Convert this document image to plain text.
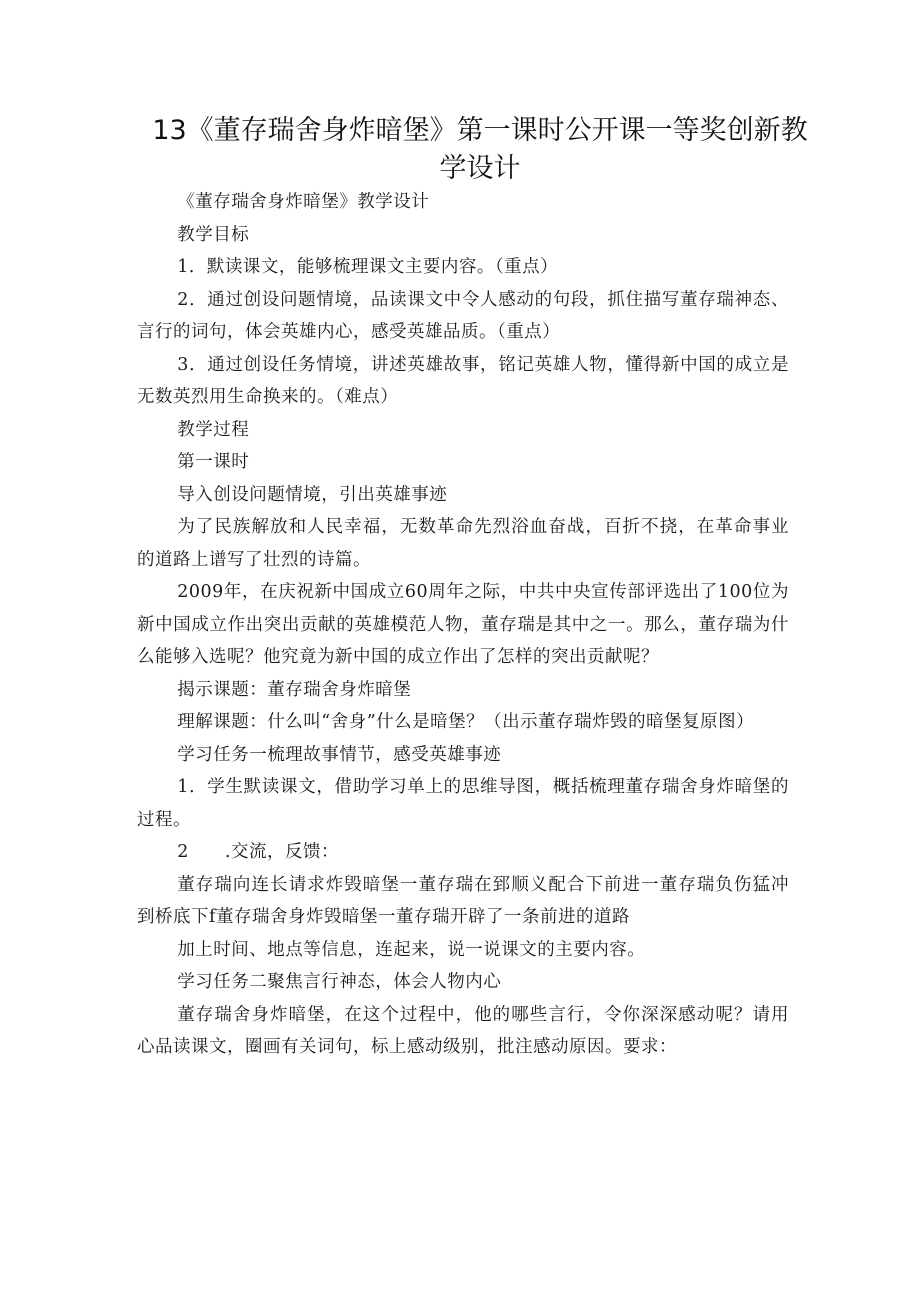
13《董存瑞舍身炸暗堡》第一课时公开课一等奖创新教学设计

《董存瑞舍身炸暗堡》教学设计

教学目标

1．默读课文，能够梳理课文主要内容。（重点）

2．通过创设问题情境，品读课文中令人感动的句段，抓住描写董存瑞神态、言行的词句，体会英雄内心，感受英雄品质。（重点）

3．通过创设任务情境，讲述英雄故事，铭记英雄人物，懂得新中国的成立是无数英烈用生命换来的。（难点）

教学过程

第一课时

导入创设问题情境，引出英雄事迹

为了民族解放和人民幸福，无数革命先烈浴血奋战，百折不挠，在革命事业的道路上谱写了壮烈的诗篇。

2009年，在庆祝新中国成立60周年之际，中共中央宣传部评选出了100位为新中国成立作出突出贡献的英雄模范人物，董存瑞是其中之一。那么，董存瑞为什么能够入选呢？他究竟为新中国的成立作出了怎样的突出贡献呢？

揭示课题：董存瑞舍身炸暗堡

理解课题：什么叫“舍身”什么是暗堡？（出示董存瑞炸毁的暗堡复原图）

学习任务一梳理故事情节，感受英雄事迹

1．学生默读课文，借助学习单上的思维导图，概括梳理董存瑞舍身炸暗堡的过程。

2　　.交流，反馈：

董存瑞向连长请求炸毁暗堡一董存瑞在郅顺义配合下前进一董存瑞负伤猛冲到桥底下f董存瑞舍身炸毁暗堡一董存瑞开辟了一条前进的道路

加上时间、地点等信息，连起来，说一说课文的主要内容。

学习任务二聚焦言行神态，体会人物内心

董存瑞舍身炸暗堡，在这个过程中，他的哪些言行，令你深深感动呢？请用心品读课文，圈画有关词句，标上感动级别，批注感动原因。要求：
